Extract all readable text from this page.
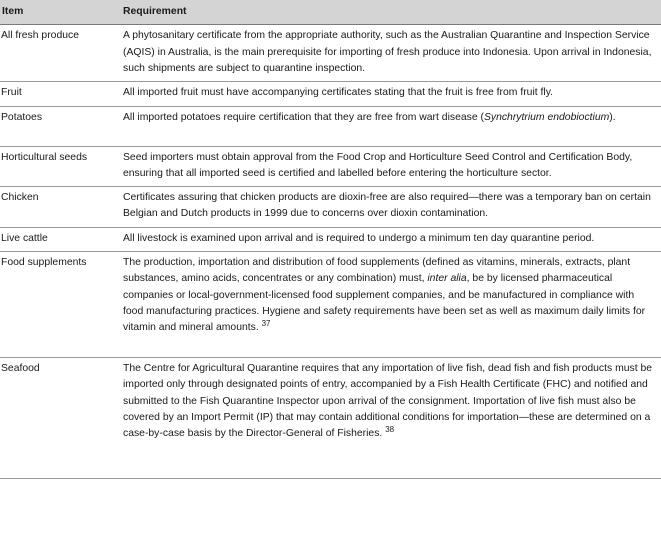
Item	Requirement
All fresh produce	A phytosanitary certificate from the appropriate authority, such as the Australian Quarantine and Inspection Service (AQIS) in Australia, is the main prerequisite for importing of fresh produce into Indonesia. Upon arrival in Indonesia, such shipments are subject to quarantine inspection.
Fruit	All imported fruit must have accompanying certificates stating that the fruit is free from fruit fly.
Potatoes	All imported potatoes require certification that they are free from wart disease (Synchrytrium endobioctium).
Horticultural seeds	Seed importers must obtain approval from the Food Crop and Horticulture Seed Control and Certification Body, ensuring that all imported seed is certified and labelled before entering the horticulture sector.
Chicken	Certificates assuring that chicken products are dioxin-free are also required—there was a temporary ban on certain Belgian and Dutch products in 1999 due to concerns over dioxin contamination.
Live cattle	All livestock is examined upon arrival and is required to undergo a minimum ten day quarantine period.
Food supplements	The production, importation and distribution of food supplements (defined as vitamins, minerals, extracts, plant substances, amino acids, concentrates or any combination) must, inter alia, be by licensed pharmaceutical companies or local-government-licensed food supplement companies, and be manufactured in compliance with food manufacturing practices. Hygiene and safety requirements have been set as well as maximum daily limits for vitamin and mineral amounts. $^{37}$
Seafood	The Centre for Agricultural Quarantine requires that any importation of live fish, dead fish and fish products must be imported only through designated points of entry, accompanied by a Fish Health Certificate (FHC) and notified and submitted to the Fish Quarantine Inspector upon arrival of the consignment. Importation of live fish must also be covered by an Import Permit (IP) that may contain additional conditions for importation—these are determined on a case-by-case basis by the Director-General of Fisheries. $^{38}$
